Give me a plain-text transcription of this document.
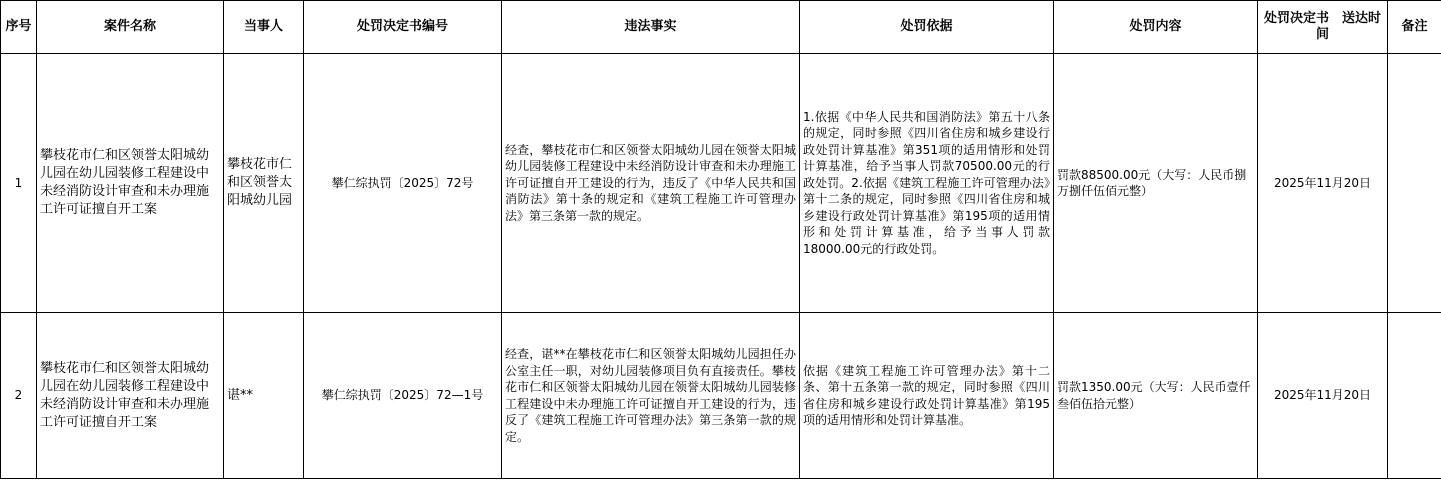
序号	案件名称	当事人	处罚决定书编号	违法事实	处罚依据	处罚内容	处罚决定书　送达时间	备注
1	攀枝花市仁和区领誉太阳城幼儿园在幼儿园装修工程建设中未经消防设计审查和未办理施工许可证擅自开工案	攀枝花市仁和区领誉太阳城幼儿园	攀仁综执罚〔2025〕72号	经查，攀枝花市仁和区领誉太阳城幼儿园在领誉太阳城幼儿园装修工程建设中未经消防设计审查和未办理施工许可证擅自开工建设的行为，违反了《中华人民共和国消防法》第十条的规定和《建筑工程施工许可管理办法》第三条第一款的规定。	1.依据《中华人民共和国消防法》第五十八条的规定，同时参照《四川省住房和城乡建设行政处罚计算基准》第351项的适用情形和处罚计算基准，给予当事人罚款70500.00元的行政处罚。2.依据《建筑工程施工许可管理办法》第十二条的规定，同时参照《四川省住房和城乡建设行政处罚计算基准》第195项的适用情形和处罚计算基准，给予当事人罚款18000.00元的行政处罚。	罚款88500.00元（大写：人民币捌万捌仟伍佰元整）	2025年11月20日	
2	攀枝花市仁和区领誉太阳城幼儿园在幼儿园装修工程建设中未经消防设计审查和未办理施工许可证擅自开工案	谌**	攀仁综执罚〔2025〕72—1号	经查，谌**在攀枝花市仁和区领誉太阳城幼儿园担任办公室主任一职，对幼儿园装修项目负有直接责任。攀枝花市仁和区领誉太阳城幼儿园在领誉太阳城幼儿园装修工程建设中未办理施工许可证擅自开工建设的行为，违反了《建筑工程施工许可管理办法》第三条第一款的规定。	依据《建筑工程施工许可管理办法》第十二条、第十五条第一款的规定，同时参照《四川省住房和城乡建设行政处罚计算基准》第195项的适用情形和处罚计算基准。	罚款1350.00元（大写：人民币壹仟叁佰伍拾元整）	2025年11月20日	
